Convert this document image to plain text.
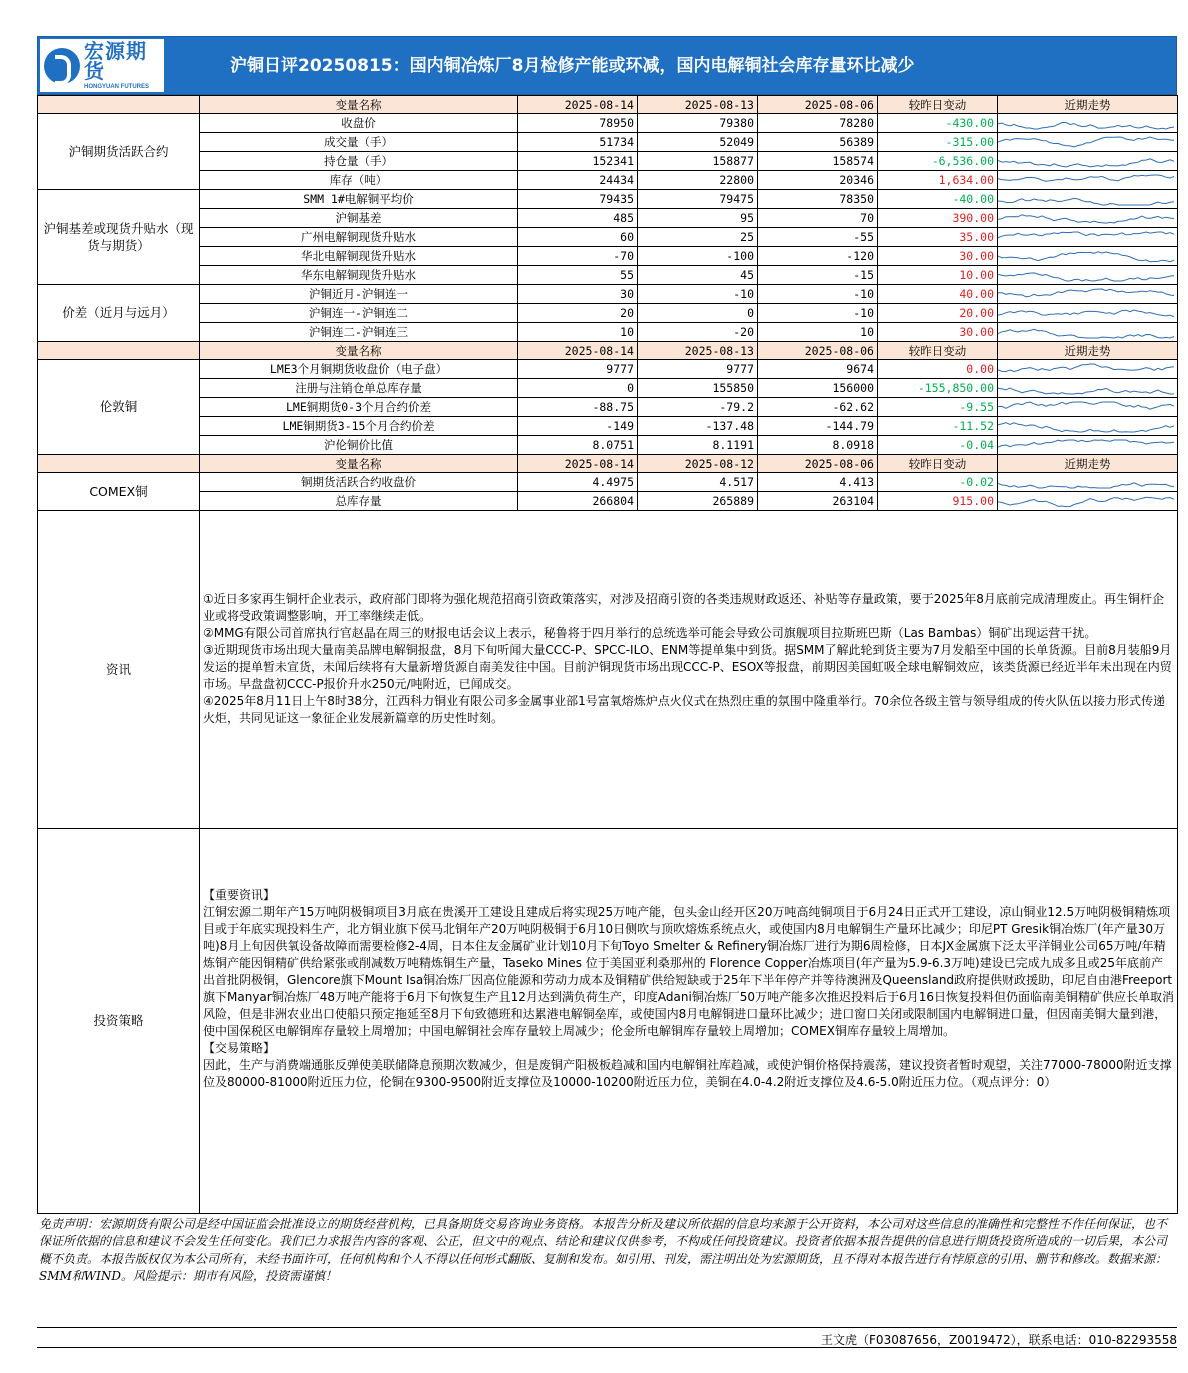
宏源期货
HONGYUAN FUTURES
沪铜日评20250815：国内铜冶炼厂8月检修产能或环减，国内电解铜社会库存量环比减少
	变量名称	2025-08-14	2025-08-13	2025-08-06	较昨日变动	近期走势
沪铜期货活跃合约	收盘价	78950	79380	78280	-430.00	

	成交量（手）	51734	52049	56389	-315.00	

	持仓量（手）	152341	158877	158574	-6,536.00	

	库存（吨）	24434	22800	20346	1,634.00	

沪铜基差或现货升贴水（现货与期货）	SMM 1#电解铜平均价	79435	79475	78350	-40.00	

	沪铜基差	485	95	70	390.00	

	广州电解铜现货升贴水	60	25	-55	35.00	

	华北电解铜现货升贴水	-70	-100	-120	30.00	

	华东电解铜现货升贴水	55	45	-15	10.00	

价差（近月与远月）	沪铜近月-沪铜连一	30	-10	-10	40.00	

	沪铜连一-沪铜连二	20	0	-10	20.00	

	沪铜连二-沪铜连三	10	-20	10	30.00	

	变量名称	2025-08-14	2025-08-13	2025-08-06	较昨日变动	近期走势
伦敦铜	LME3个月铜期货收盘价（电子盘）	9777	9777	9674	0.00	

	注册与注销仓单总库存量	0	155850	156000	-155,850.00	

	LME铜期货0-3个月合约价差	-88.75	-79.2	-62.62	-9.55	

	LME铜期货3-15个月合约价差	-149	-137.48	-144.79	-11.52	

	沪伦铜价比值	8.0751	8.1191	8.0918	-0.04	

	变量名称	2025-08-14	2025-08-12	2025-08-06	较昨日变动	近期走势
COMEX铜	铜期货活跃合约收盘价	4.4975	4.517	4.413	-0.02	

	总库存量	266804	265889	263104	915.00	

资讯	①近日多家再生铜杆企业表示，政府部门即将为强化规范招商引资政策落实，对涉及招商引资的各类违规财政返还、补贴等存量政策，要于2025年8月底前完成清理废止。再生铜杆企业或将受政策调整影响，开工率继续走低。
②MMG有限公司首席执行官赵晶在周三的财报电话会议上表示，秘鲁将于四月举行的总统选举可能会导致公司旗舰项目拉斯班巴斯（Las Bambas）铜矿出现运营干扰。
③近期现货市场出现大量南美品牌电解铜报盘，8月下旬听闻大量CCC-P、SPCC-ILO、ENM等提单集中到货。据SMM了解此轮到货主要为7月发船至中国的长单货源。目前8月装船9月发运的提单暂未宣货，未闻后续将有大量新增货源自南美发往中国。目前沪铜现货市场出现CCC-P、ESOX等报盘，前期因美国虹吸全球电解铜效应，该类货源已经近半年未出现在内贸市场。早盘盘初CCC-P报价升水250元/吨附近，已闻成交。
④2025年8月11日上午8时38分，江西科力铜业有限公司多金属事业部1号富氧熔炼炉点火仪式在热烈庄重的氛围中隆重举行。70余位各级主管与领导组成的传火队伍以接力形式传递火炬，共同见证这一象征企业发展新篇章的历史性时刻。					

投资策略	【重要资讯】
江铜宏源二期年产15万吨阴极铜项目3月底在贵溪开工建设且建成后将实现25万吨产能，包头金山经开区20万吨高纯铜项目于6月24日正式开工建设，凉山铜业12.5万吨阴极铜精炼项目或于年底实现投料生产，北方铜业旗下侯马北铜年产20万吨阴极铜于6月10日侧吹与顶吹熔炼系统点火，或使国内8月电解铜生产量环比减少；印尼PT Gresik铜冶炼厂(年产量30万吨)8月上旬因供氧设备故障而需要检修2-4周，日本住友金属矿业计划10月下旬Toyo Smelter & Refinery铜冶炼厂进行为期6周检修，日本JX金属旗下泛太平洋铜业公司65万吨/年精炼铜产能因铜精矿供给紧张或削减数万吨精炼铜生产量，Taseko Mines 位于美国亚利桑那州的 Florence Copper冶炼项目(年产量为5.9-6.3万吨)建设已完成九成多且或25年底前产出首批阴极铜，Glencore旗下Mount Isa铜冶炼厂因高位能源和劳动力成本及铜精矿供给短缺或于25年下半年停产并等待澳洲及Queensland政府提供财政援助，印尼自由港Freeport旗下Manyar铜冶炼厂48万吨产能将于6月下旬恢复生产且12月达到满负荷生产，印度Adani铜冶炼厂50万吨产能多次推迟投料后于6月16日恢复投料但仍面临南美铜精矿供应长单取消风险，但是非洲农业出口使船只预定拖延至8月下旬致德班和达累港电解铜垒库，或使国内8月电解铜进口量环比减少；进口窗口关闭或限制国内电解铜进口量，但因南美铜大量到港，使中国保税区电解铜库存量较上周增加；中国电解铜社会库存量较上周减少；伦金所电解铜库存量较上周增加；COMEX铜库存量较上周增加。
【交易策略】
因此，生产与消费端通胀反弹使美联储降息预期次数减少，但是废铜产阳极板趋减和国内电解铜社库趋减，或使沪铜价格保持震荡，建议投资者暂时观望，关注77000-78000附近支撑位及80000-81000附近压力位，伦铜在9300-9500附近支撑位及10000-10200附近压力位，美铜在4.0-4.2附近支撑位及4.6-5.0附近压力位。（观点评分：0）					
免责声明：宏源期货有限公司是经中国证监会批准设立的期货经营机构，已具备期货交易咨询业务资格。本报告分析及建议所依据的信息均来源于公开资料，本公司对这些信息的准确性和完整性不作任何保证，也不保证所依据的信息和建议不会发生任何变化。我们已力求报告内容的客观、公正，但文中的观点、结论和建议仅供参考，不构成任何投资建议。投资者依据本报告提供的信息进行期货投资所造成的一切后果，本公司概不负责。本报告版权仅为本公司所有，未经书面许可，任何机构和个人不得以任何形式翻版、复制和发布。如引用、刊发，需注明出处为宏源期货，且不得对本报告进行有悖原意的引用、删节和修改。数据来源：SMM和WIND。风险提示：期市有风险，投资需谨慎！
王文虎（F03087656，Z0019472），联系电话：010-82293558
